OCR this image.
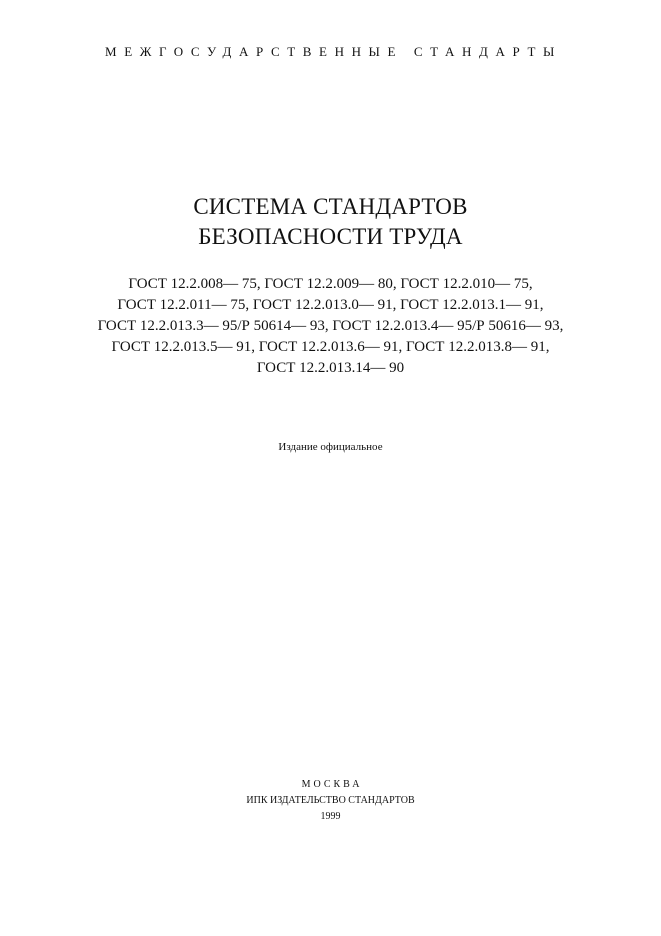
МЕЖГОСУДАРСТВЕННЫЕ СТАНДАРТЫ
СИСТЕМА СТАНДАРТОВ
БЕЗОПАСНОСТИ ТРУДА
ГОСТ 12.2.008— 75, ГОСТ 12.2.009— 80, ГОСТ 12.2.010— 75,
ГОСТ 12.2.011— 75, ГОСТ 12.2.013.0— 91, ГОСТ 12.2.013.1— 91,
ГОСТ 12.2.013.3— 95/Р 50614— 93, ГОСТ 12.2.013.4— 95/Р 50616— 93,
ГОСТ 12.2.013.5— 91, ГОСТ 12.2.013.6— 91, ГОСТ 12.2.013.8— 91,
ГОСТ 12.2.013.14— 90
Издание официальное
МОСКВА
ИПК ИЗДАТЕЛЬСТВО СТАНДАРТОВ
1999
